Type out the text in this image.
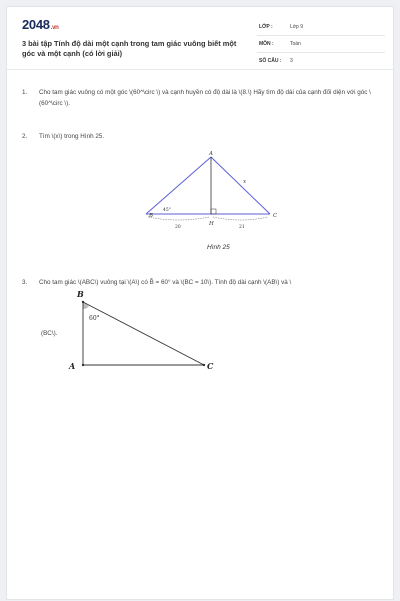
2048.vn
3 bài tập Tính độ dài một cạnh trong tam giác vuông biết một góc và một cạnh (có lời giải)
LỚP :	Lớp 9
MÔN :	Toán
SỐ CÂU : 3
1. Cho tam giác vuông có một góc \(60^\circ \) và cạnh huyền có độ dài là \(8.\) Hãy tìm độ dài của cạnh đối diện với góc \(60^\circ \).
2. Tìm \(x\) trong Hình 25.
A
B	C
H
x
45°
20	21
B
A	C
60°
Hình 25
3. Cho tam giác \(ABC\) vuông tại \(A\) có B̂ = 60° và \(BC = 10\). Tính độ dài cạnh \(AB\) và \
(BC\).
